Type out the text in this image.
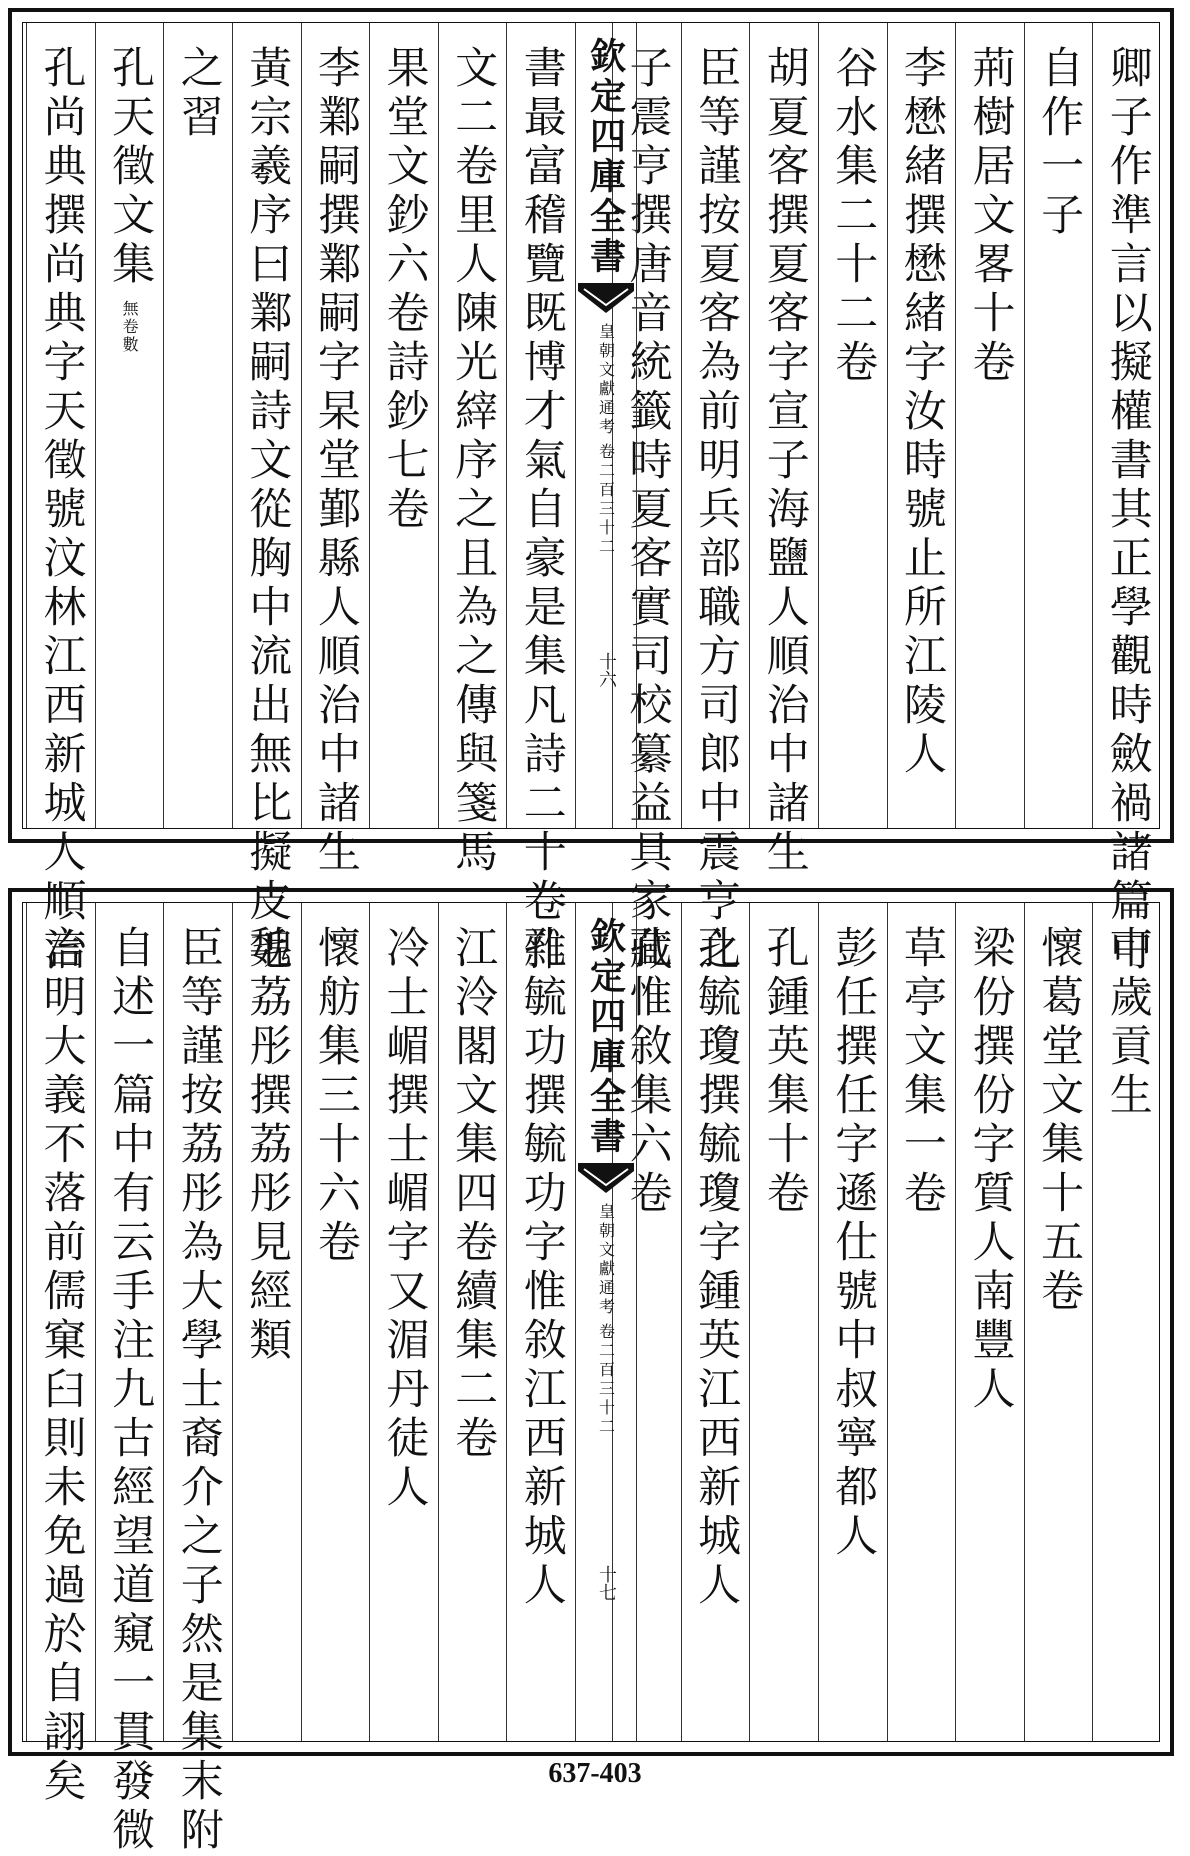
卿子作準言以擬權書其正學觀時斂禍諸篇可
自作一子
荊樹居文畧十卷
李懋緒撰懋緒字汝時號止所江陵人
谷水集二十二卷
胡夏客撰夏客字宣子海鹽人順治中諸生
臣等謹按夏客為前明兵部職方司郎中震亨之
子震亨撰唐音統籤時夏客實司校纂益具家藏
書最富稽覽既博才氣自豪是集凡詩二十卷雜
文二卷里人陳光縡序之且為之傳與箋馬
果堂文鈔六卷詩鈔七卷
李鄴嗣撰鄴嗣字杲堂鄞縣人順治中諸生
黃宗羲序曰鄴嗣詩文從胸中流出無比擬皮毛
之習
孔天徵文集
無卷數
孔尚典撰尚典字天徵號汶林江西新城人順治	欽定四庫全書
皇朝文獻通考
卷二百三十二
十六
中歲貢生
懷葛堂文集十五卷
梁份撰份字質人南豐人
草亭文集一卷
彭任撰任字遜仕號中叔寧都人
孔鍾英集十卷
孔毓瓊撰毓瓊字鍾英江西新城人
孔惟敘集六卷
孔毓功撰毓功字惟敘江西新城人
江泠閣文集四卷續集二卷
冷士嵋撰士嵋字又湄丹徒人
懷舫集三十六卷
魏荔彤撰荔彤見經類
臣等謹按荔彤為大學士裔介之子然是集末附
自述一篇中有云手注九古經望道窺一貫發微
言明大義不落前儒窠臼則未免過於自詡矣	欽定四庫全書
皇朝文獻通考
卷二百三十二
十七
637-403
